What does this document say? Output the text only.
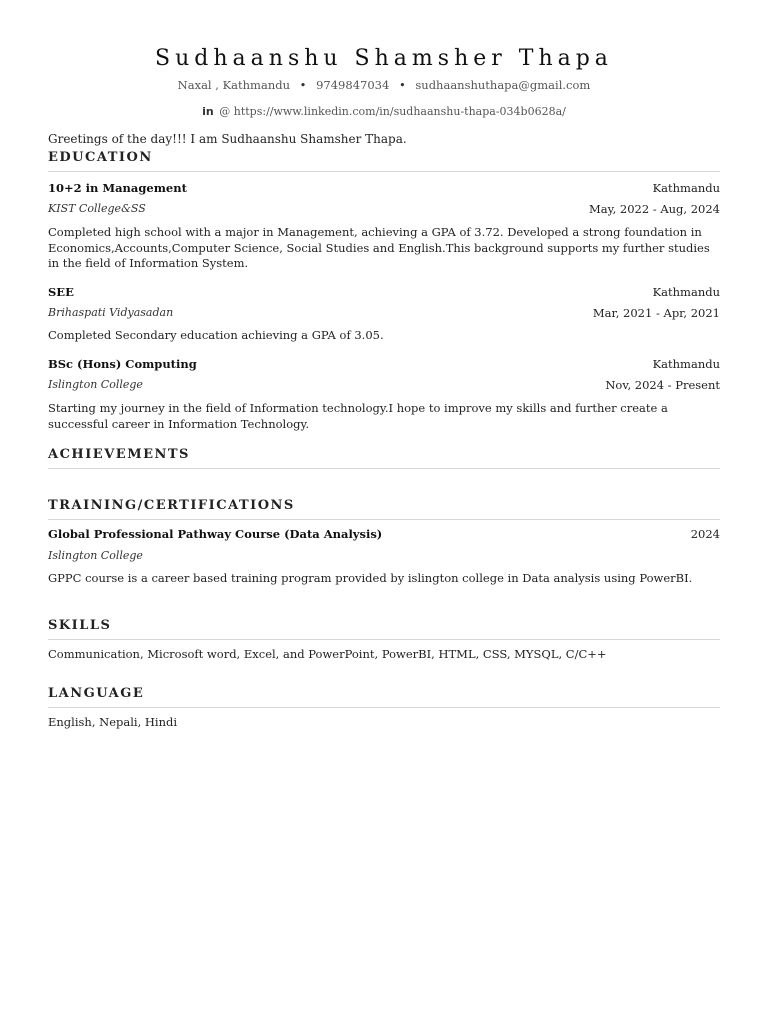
Sudhaanshu Shamsher Thapa
Naxal , Kathmandu • 9749847034 • sudhaanshuthapa@gmail.com
in @ https://www.linkedin.com/in/sudhaanshu-thapa-034b0628a/
Greetings of the day!!! I am Sudhaanshu Shamsher Thapa.
EDUCATION
10+2 in Management	Kathmandu
KIST College&SS	May, 2022 - Aug, 2024
Completed high school with a major in Management, achieving a GPA of 3.72. Developed a strong foundation in Economics,Accounts,Computer Science, Social Studies and English.This background supports my further studies in the field of Information System.
SEE	Kathmandu
Brihaspati Vidyasadan	Mar, 2021 - Apr, 2021
Completed Secondary education achieving a GPA of 3.05.
BSc (Hons) Computing	Kathmandu
Islington College	Nov, 2024 - Present
Starting my journey in the field of Information technology.I hope to improve my skills and further create a successful career in Information Technology.
ACHIEVEMENTS
TRAINING/CERTIFICATIONS
Global Professional Pathway Course (Data Analysis)	2024
Islington College
GPPC course is a career based training program provided by islington college in Data analysis using PowerBI.
SKILLS
Communication, Microsoft word, Excel, and PowerPoint, PowerBI, HTML, CSS, MYSQL, C/C++
LANGUAGE
English, Nepali, Hindi
